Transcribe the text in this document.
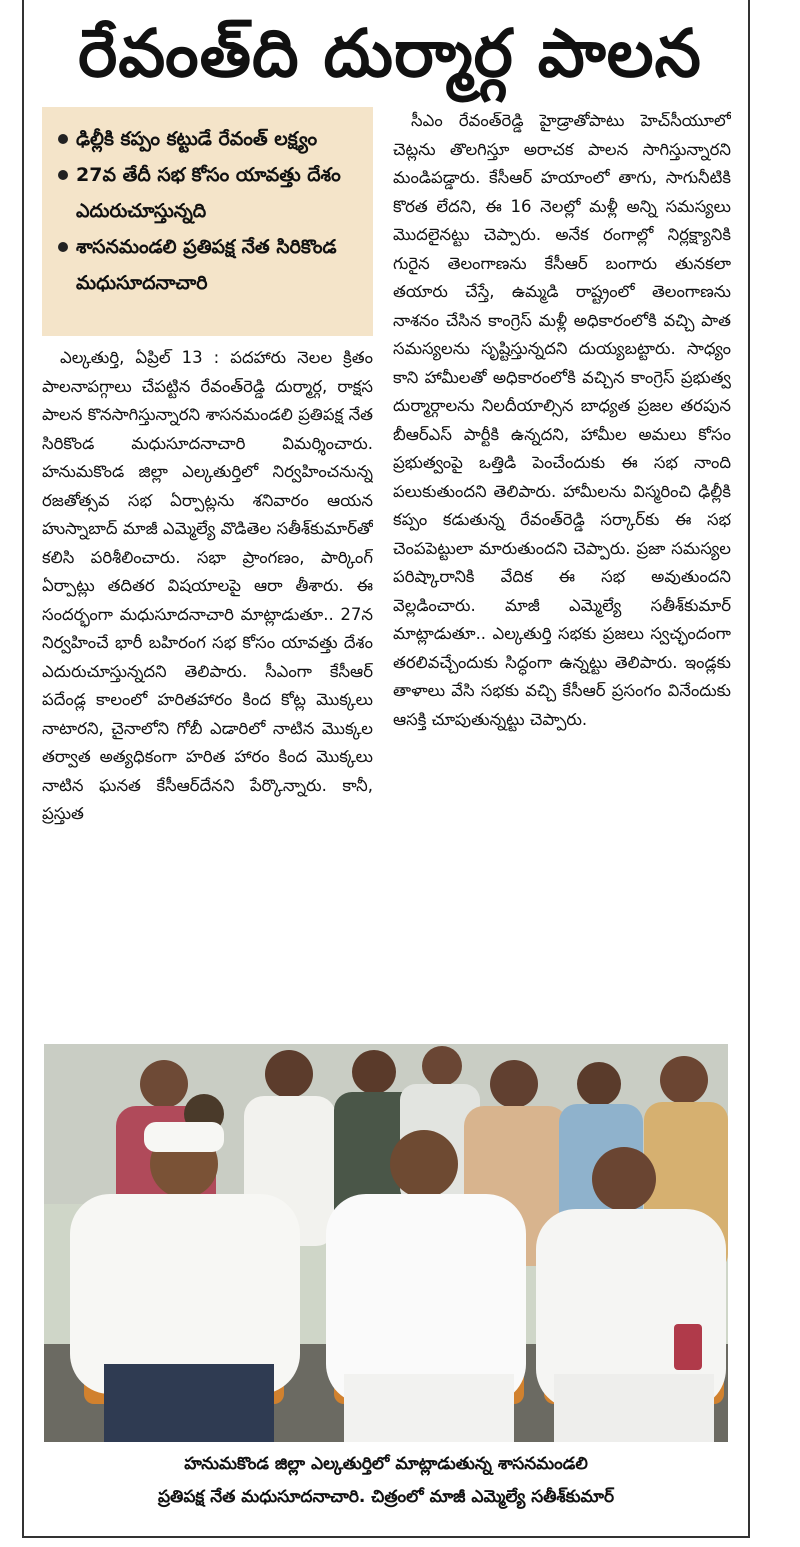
రేవంత్‌ది దుర్మార్గ పాలన
ఢిల్లీకి కప్పం కట్టుడే రేవంత్ లక్ష్యం
27వ తేదీ సభ కోసం యావత్తు దేశం ఎదురుచూస్తున్నది
శాసనమండలి ప్రతిపక్ష నేత సిరికొండ మధుసూదనాచారి

ఎల్కతుర్తి, ఏప్రిల్ 13 : పదహారు నెలల క్రితం పాలనాపగ్గాలు చేపట్టిన రేవంత్‌రెడ్డి దుర్మార్గ, రాక్షస పాలన కొనసాగిస్తున్నారని శాసనమండలి ప్రతిపక్ష నేత సిరికొండ మధుసూదనాచారి విమర్శించారు. హనుమకొండ జిల్లా ఎల్కతుర్తిలో నిర్వహించనున్న రజతోత్సవ సభ ఏర్పాట్లను శనివారం ఆయన హుస్నాబాద్ మాజీ ఎమ్మెల్యే వొడితెల సతీశ్‌కుమార్‌తో కలిసి పరిశీలించారు. సభా ప్రాంగణం, పార్కింగ్ ఏర్పాట్లు తదితర విషయాలపై ఆరా తీశారు. ఈ సందర్భంగా మధుసూదనాచారి మాట్లాడుతూ.. 27న నిర్వహించే భారీ బహిరంగ సభ కోసం యావత్తు దేశం ఎదురుచూస్తున్నదని తెలిపారు. సీఎంగా కేసీఆర్ పదేండ్ల కాలంలో హరితహారం కింద కోట్ల మొక్కలు నాటారని, చైనాలోని గోబీ ఎడారిలో నాటిన మొక్కల తర్వాత అత్యధికంగా హరిత హారం కింద మొక్కలు నాటిన ఘనత కేసీఆర్‌దేనని పేర్కొన్నారు. కానీ, ప్రస్తుత

సీఎం రేవంత్‌రెడ్డి హైడ్రాతోపాటు హెచ్‌సీయూలో చెట్లను తొలగిస్తూ అరాచక పాలన సాగిస్తున్నారని మండిపడ్డారు. కేసీఆర్ హయాంలో తాగు, సాగునీటికి కొరత లేదని, ఈ 16 నెలల్లో మళ్లీ అన్ని సమస్యలు మొదలైనట్టు చెప్పారు. అనేక రంగాల్లో నిర్లక్ష్యానికి గురైన తెలంగాణను కేసీఆర్ బంగారు తునకలా తయారు చేస్తే, ఉమ్మడి రాష్ట్రంలో తెలంగాణను నాశనం చేసిన కాంగ్రెస్ మళ్లీ అధికారంలోకి వచ్చి పాత సమస్యలను సృష్టిస్తున్నదని దుయ్యబట్టారు. సాధ్యం కాని హామీలతో అధికారంలోకి వచ్చిన కాంగ్రెస్ ప్రభుత్వ దుర్మార్గాలను నిలదీయాల్సిన బాధ్యత ప్రజల తరపున బీఆర్‌ఎస్ పార్టీకి ఉన్నదని, హామీల అమలు కోసం ప్రభుత్వంపై ఒత్తిడి పెంచేందుకు ఈ సభ నాంది పలుకుతుందని తెలిపారు. హామీలను విస్మరించి ఢిల్లీకి కప్పం కడుతున్న రేవంత్‌రెడ్డి సర్కార్‌కు ఈ సభ చెంపపెట్టులా మారుతుందని చెప్పారు. ప్రజా సమస్యల పరిష్కారానికి వేదిక ఈ సభ అవుతుందని వెల్లడించారు. మాజీ ఎమ్మెల్యే సతీశ్‌కుమార్ మాట్లాడుతూ.. ఎల్కతుర్తి సభకు ప్రజలు స్వచ్ఛందంగా తరలివచ్చేందుకు సిద్ధంగా ఉన్నట్టు తెలిపారు. ఇండ్లకు తాళాలు వేసి సభకు వచ్చి కేసీఆర్ ప్రసంగం వినేందుకు ఆసక్తి చూపుతున్నట్టు చెప్పారు.

హనుమకొండ జిల్లా ఎల్కతుర్తిలో మాట్లాడుతున్న శాసనమండలి
ప్రతిపక్ష నేత మధుసూదనాచారి. చిత్రంలో మాజీ ఎమ్మెల్యే సతీశ్‌కుమార్
